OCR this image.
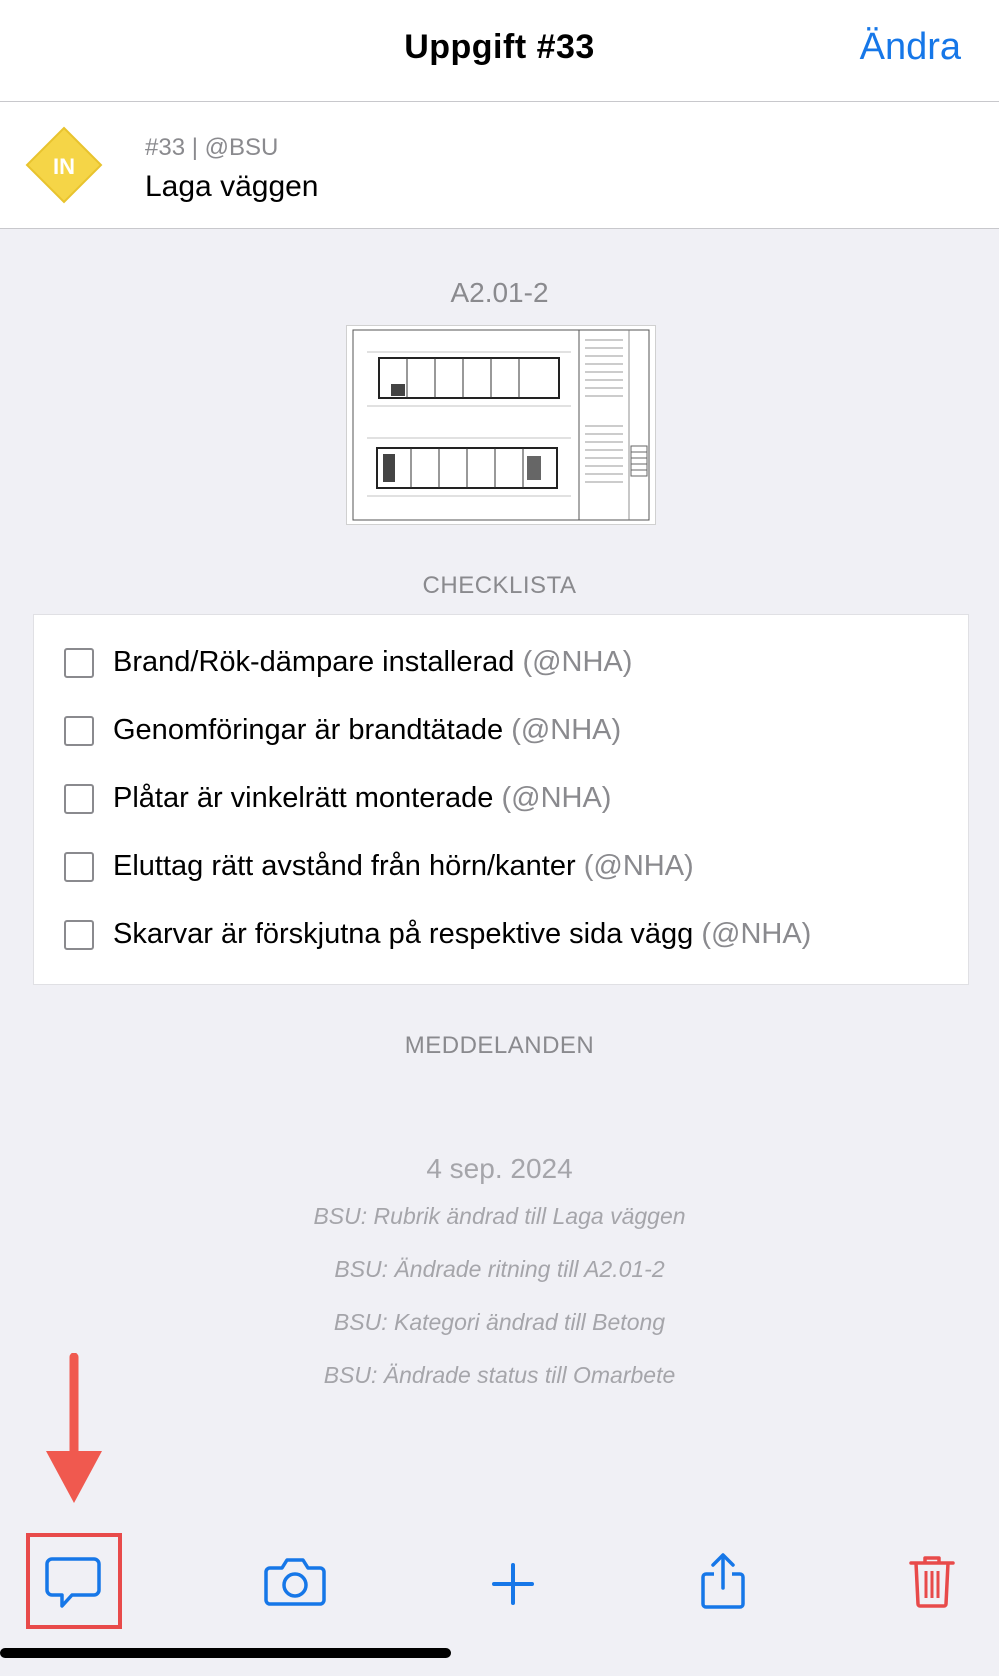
Uppgift #33	Ändra
IN
#33 | @BSU
Laga väggen
A2.01-2
CHECKLISTA
Brand/Rök-dämpare installerad (@NHA)
Genomföringar är brandtätade (@NHA)
Plåtar är vinkelrätt monterade (@NHA)
Eluttag rätt avstånd från hörn/kanter (@NHA)
Skarvar är förskjutna på respektive sida vägg (@NHA)
MEDDELANDEN
4 sep. 2024
BSU: Rubrik ändrad till Laga väggen
BSU: Ändrade ritning till A2.01-2
BSU: Kategori ändrad till Betong
BSU: Ändrade status till Omarbete
